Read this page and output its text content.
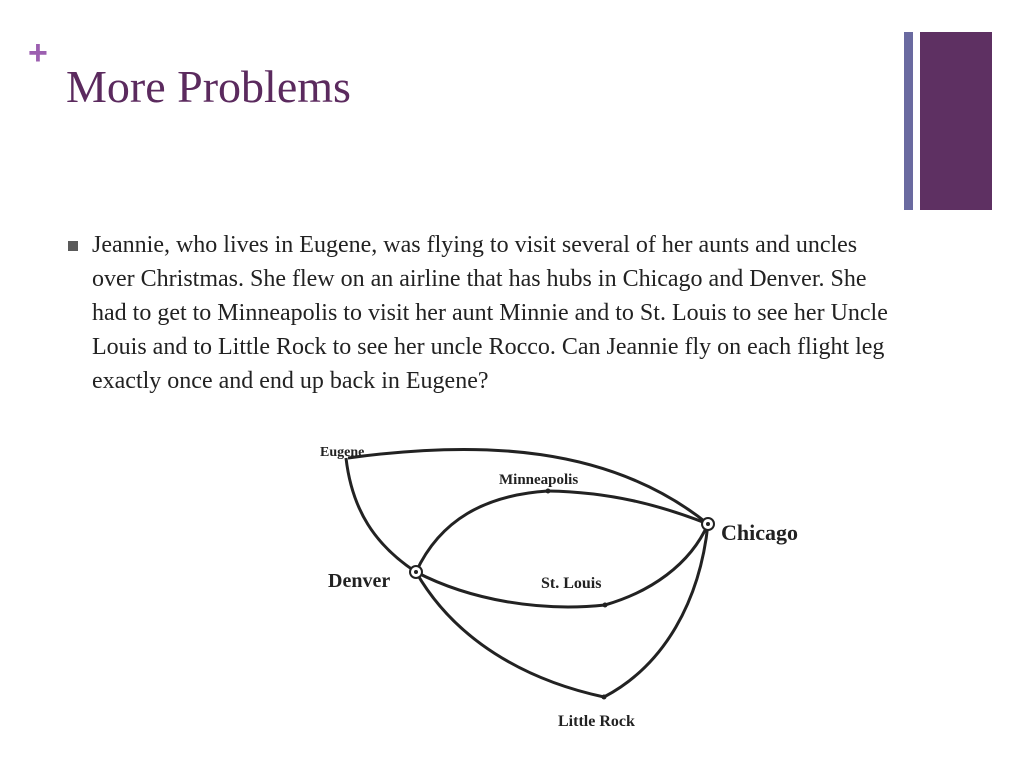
+
More Problems

Jeannie, who lives in Eugene, was flying to visit several of her aunts and uncles over Christmas. She flew on an airline that has hubs in Chicago and Denver. She had to get to Minneapolis to visit her aunt Minnie and to St. Louis to see her Uncle Louis and to Little Rock to see her uncle Rocco. Can Jeannie fly on each flight leg exactly once and end up back in Eugene?

Eugene
Minneapolis
Chicago
Denver	St. Louis
Little Rock
